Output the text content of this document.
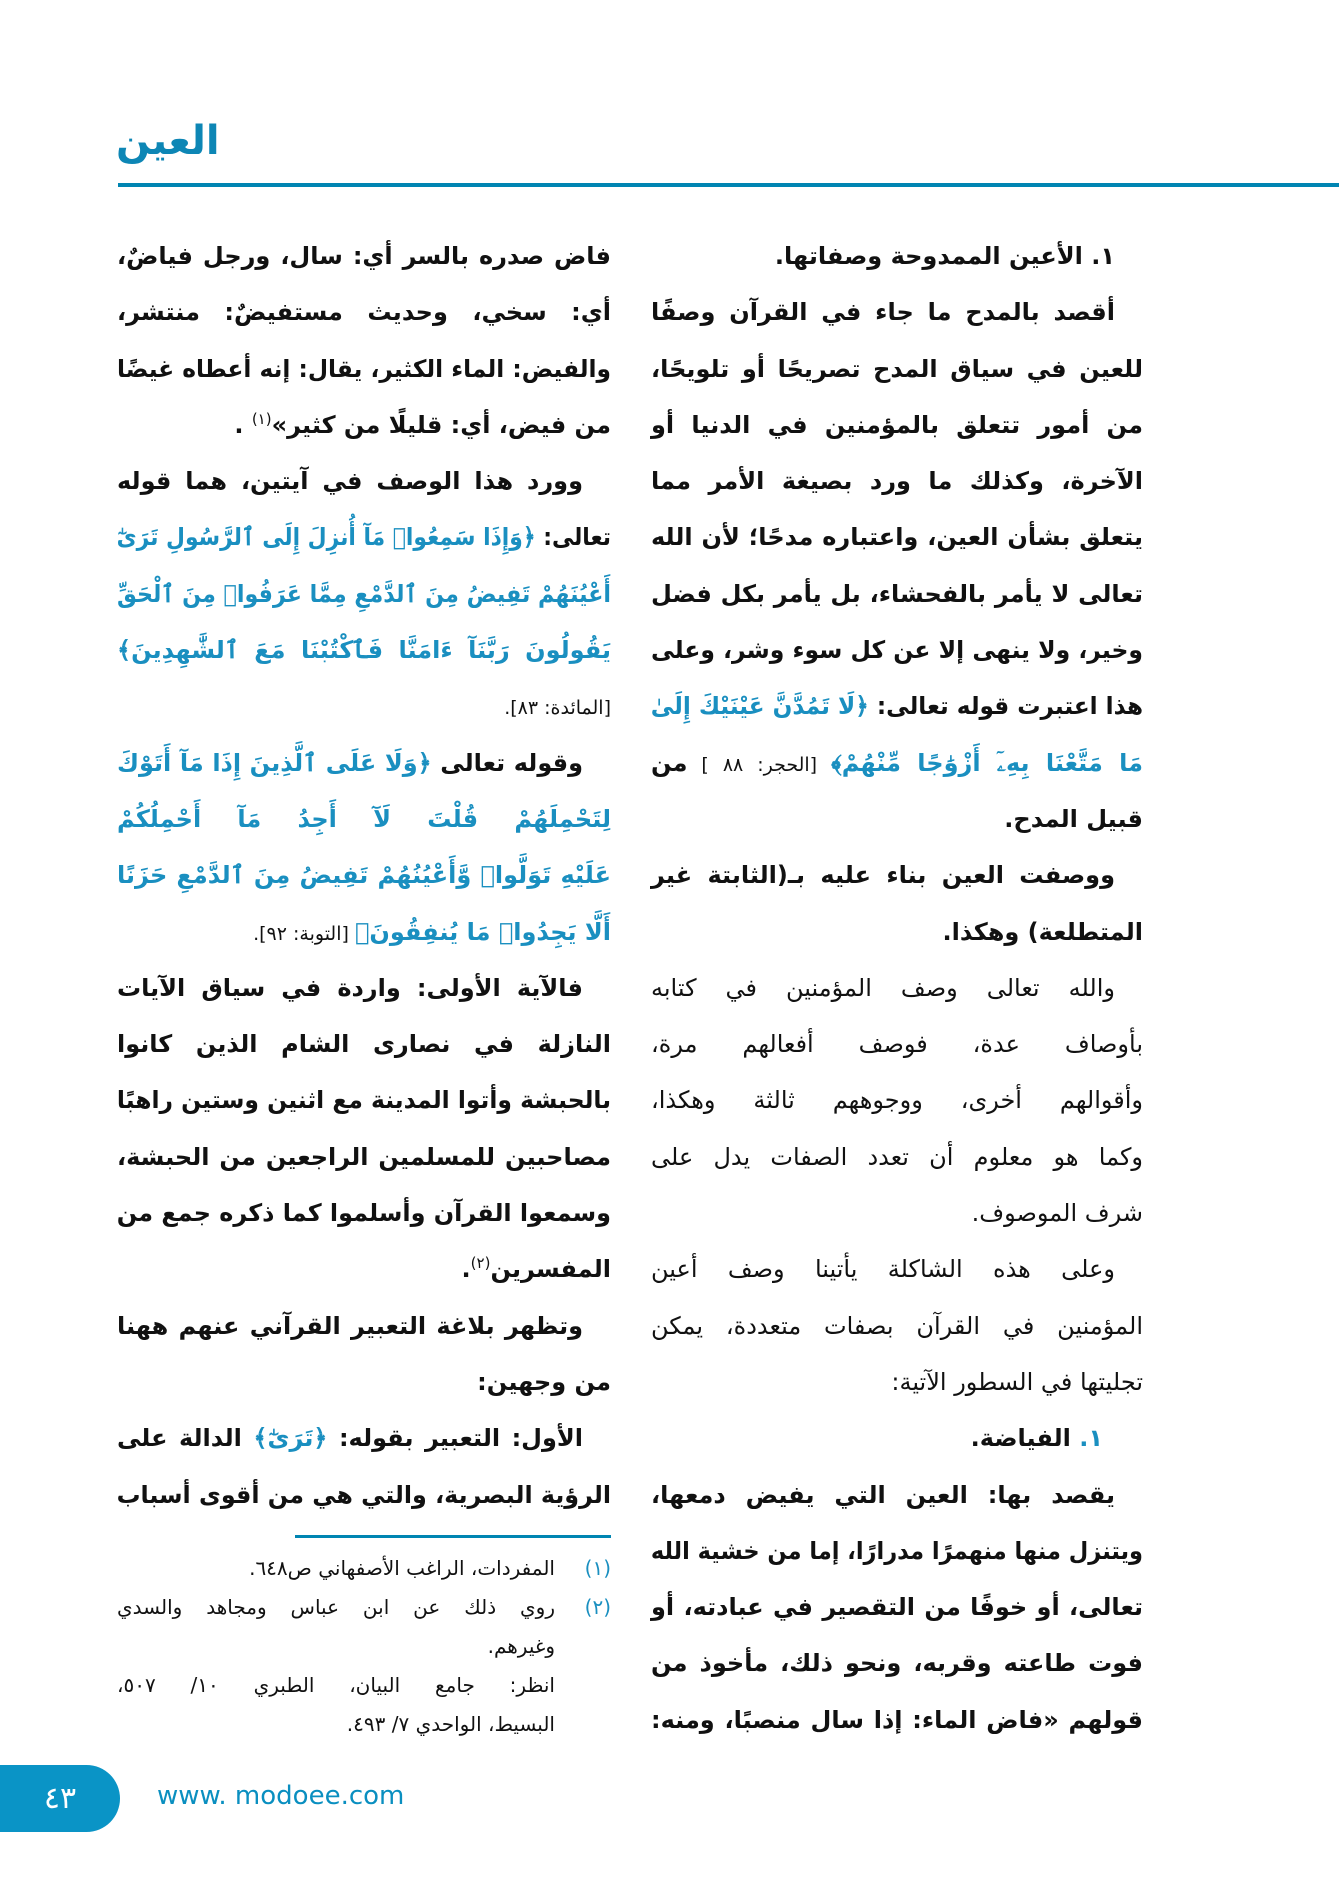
العين
١. الأعين الممدوحة وصفاتها.
أقصد بالمدح ما جاء في القرآن وصفًا
للعين في سياق المدح تصريحًا أو تلويحًا،
من أمور تتعلق بالمؤمنين في الدنيا أو
الآخرة، وكذلك ما ورد بصيغة الأمر مما
يتعلق بشأن العين، واعتباره مدحًا؛ لأن الله
تعالى لا يأمر بالفحشاء، بل يأمر بكل فضل
وخير، ولا ينهى إلا عن كل سوء وشر، وعلى
هذا اعتبرت قوله تعالى: ﴿لَا تَمُدَّنَّ عَيْنَيْكَ إِلَىٰ
مَا مَتَّعْنَا بِهِۦٓ أَزْوَٰجًا مِّنْهُمْ﴾ [الحجر: ٨٨ ] من
قبيل المدح.
ووصفت العين بناء عليه بـ(الثابتة غير
المتطلعة) وهكذا.
والله تعالى وصف المؤمنين في كتابه
بأوصاف عدة، فوصف أفعالهم مرة،
وأقوالهم أخرى، ووجوههم ثالثة وهكذا،
وكما هو معلوم أن تعدد الصفات يدل على
شرف الموصوف.
وعلى هذه الشاكلة يأتينا وصف أعين
المؤمنين في القرآن بصفات متعددة، يمكن
تجليتها في السطور الآتية:
١. الفياضة.
يقصد بها: العين التي يفيض دمعها،
ويتنزل منها منهمرًا مدرارًا، إما من خشية الله
تعالى، أو خوفًا من التقصير في عبادته، أو
فوت طاعته وقربه، ونحو ذلك، مأخوذ من
قولهم «فاض الماء: إذا سال منصبًا، ومنه:
فاض صدره بالسر أي: سال، ورجل فياضٌ،
أي: سخي، وحديث مستفيضٌ: منتشر،
والفيض: الماء الكثير، يقال: إنه أعطاه غيضًا
من فيض، أي: قليلًا من كثير»$^{(١)}$ .
وورد هذا الوصف في آيتين، هما قوله
تعالى: ﴿وَإِذَا سَمِعُوا۟ مَآ أُنزِلَ إِلَى ٱلرَّسُولِ تَرَىٰٓ
أَعْيُنَهُمْ تَفِيضُ مِنَ ٱلدَّمْعِ مِمَّا عَرَفُوا۟ مِنَ ٱلْحَقِّ
يَقُولُونَ رَبَّنَآ ءَامَنَّا فَٱكْتُبْنَا مَعَ ٱلشَّٰهِدِينَ﴾
[المائدة: ٨٣].
وقوله تعالى ﴿وَلَا عَلَى ٱلَّذِينَ إِذَا مَآ أَتَوْكَ
لِتَحْمِلَهُمْ قُلْتَ لَآ أَجِدُ مَآ أَحْمِلُكُمْ
عَلَيْهِ تَوَلَّوا۟ وَّأَعْيُنُهُمْ تَفِيضُ مِنَ ٱلدَّمْعِ حَزَنًا
أَلَّا يَجِدُوا۟ مَا يُنفِقُونَ﴾ [التوبة: ٩٢].
فالآية الأولى: واردة في سياق الآيات
النازلة في نصارى الشام الذين كانوا
بالحبشة وأتوا المدينة مع اثنين وستين راهبًا
مصاحبين للمسلمين الراجعين من الحبشة،
وسمعوا القرآن وأسلموا كما ذكره جمع من
المفسرين$^{(٢)}$.
وتظهر بلاغة التعبير القرآني عنهم ههنا
من وجهين:
الأول: التعبير بقوله: ﴿تَرَىٰٓ﴾ الدالة على
الرؤية البصرية، والتي هي من أقوى أسباب
(١)المفردات، الراغب الأصفهاني ص٦٤٨.
(٢)روي ذلك عن ابن عباس ومجاهد والسدي
وغيرهم.
انظر: جامع البيان، الطبري ١٠/ ٥٠٧،
البسيط، الواحدي ٧/ ٤٩٣.
٤٣	www. modoee.com
